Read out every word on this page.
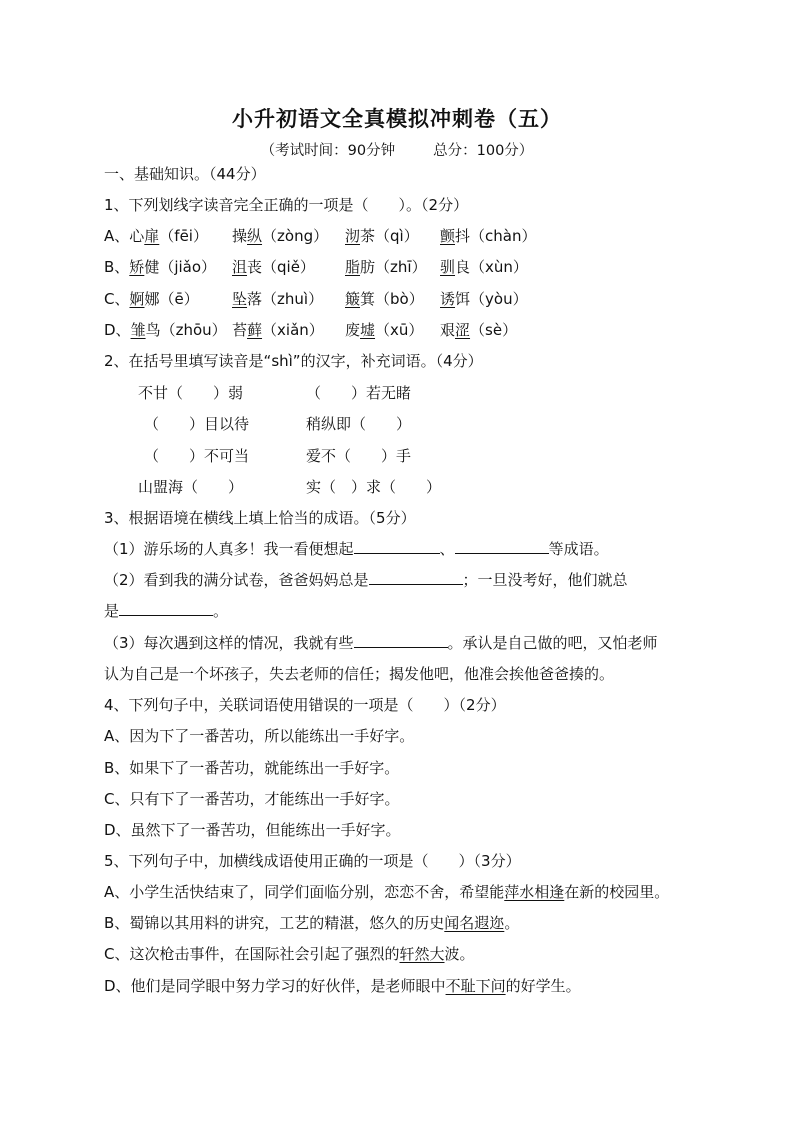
小升初语文全真模拟冲刺卷（五）
（考试时间：90分钟	总分：100分）
一、基础知识。（44分）
1、下列划线字读音完全正确的一项是（　　）。（2分）
A、心扉（fēi） 操纵（zòng） 沏茶（qì） 颤抖（chàn）
B、矫健（jiǎo） 沮丧（qiě） 脂肪（zhī） 驯良（xùn）
C、婀娜（ē） 坠落（zhuì） 簸箕（bò） 诱饵（yòu）
D、雏鸟（zhōu） 苔藓（xiǎn） 废墟（xū） 艰涩（sè）
2、在括号里填写读音是“shì”的汉字，补充词语。（4分）
不甘（　　）弱	（　　）若无睹
（　　）目以待	稍纵即（　　）
（　　）不可当	爱不（　　）手
山盟海（　　）	实（　）求（　　）
3、根据语境在横线上填上恰当的成语。（5分）
（1）游乐场的人真多！我一看便想起	、	等成语。
（2）看到我的满分试卷，爸爸妈妈总是	；一旦没考好，他们就总
是	。
（3）每次遇到这样的情况，我就有些	。承认是自己做的吧，又怕老师
认为自己是一个坏孩子，失去老师的信任；揭发他吧，他准会挨他爸爸揍的。
4、下列句子中，关联词语使用错误的一项是（　　）（2分）
A、因为下了一番苦功，所以能练出一手好字。
B、如果下了一番苦功，就能练出一手好字。
C、只有下了一番苦功，才能练出一手好字。
D、虽然下了一番苦功，但能练出一手好字。
5、下列句子中，加横线成语使用正确的一项是（　　）（3分）
A、小学生活快结束了，同学们面临分别，恋恋不舍，希望能萍水相逢在新的校园里。
B、蜀锦以其用料的讲究，工艺的精湛，悠久的历史闻名遐迩。
C、这次枪击事件，在国际社会引起了强烈的轩然大波。
D、他们是同学眼中努力学习的好伙伴，是老师眼中不耻下问的好学生。
